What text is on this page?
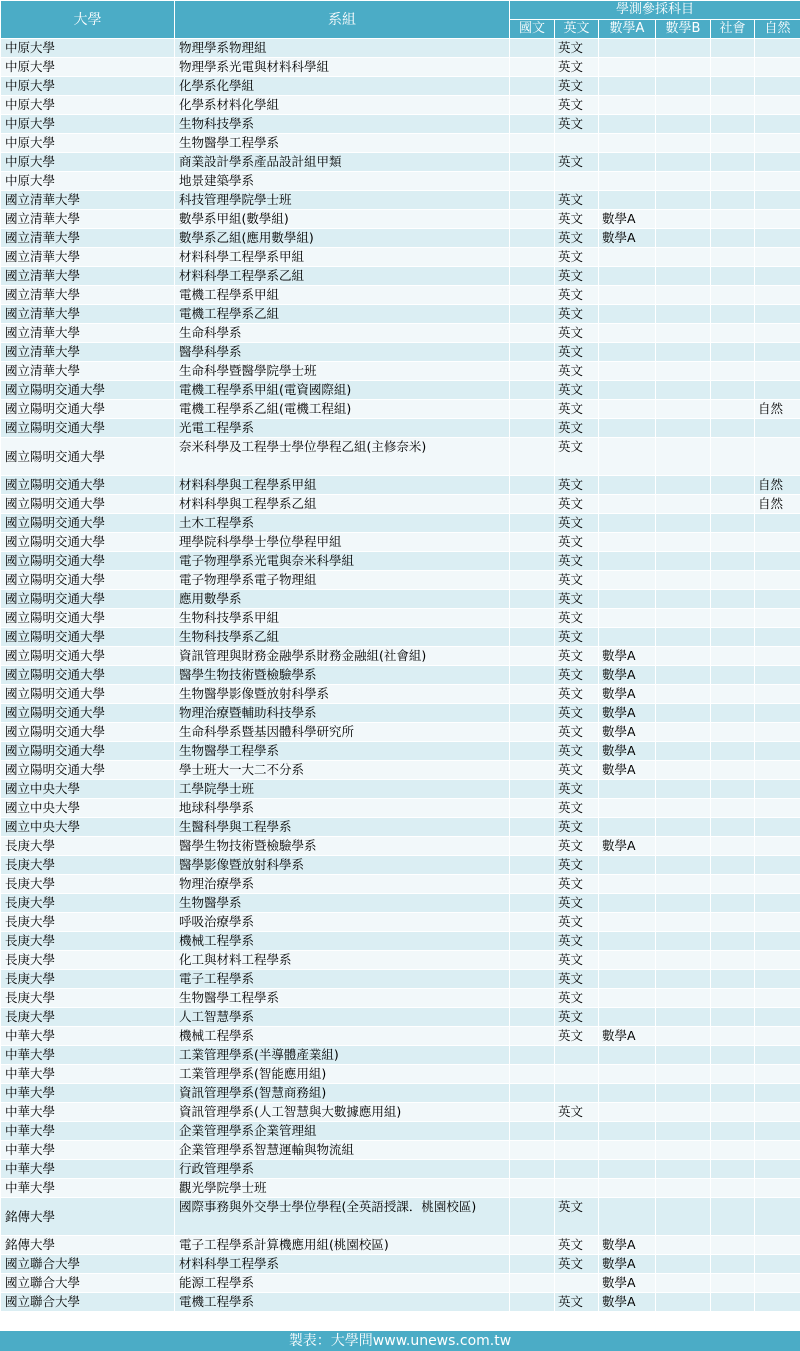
大學	系組	學測參採科目					
		國文	英文	數學A	數學B	社會	自然
中原大學	物理學系物理組		英文				
中原大學	物理學系光電與材料科學組		英文				
中原大學	化學系化學組		英文				
中原大學	化學系材料化學組		英文				
中原大學	生物科技學系		英文				
中原大學	生物醫學工程學系						
中原大學	商業設計學系產品設計組甲類		英文				
中原大學	地景建築學系						
國立清華大學	科技管理學院學士班		英文				
國立清華大學	數學系甲組(數學組)		英文	數學A			
國立清華大學	數學系乙組(應用數學組)		英文	數學A			
國立清華大學	材料科學工程學系甲組		英文				
國立清華大學	材料科學工程學系乙組		英文				
國立清華大學	電機工程學系甲組		英文				
國立清華大學	電機工程學系乙組		英文				
國立清華大學	生命科學系		英文				
國立清華大學	醫學科學系		英文				
國立清華大學	生命科學暨醫學院學士班		英文				
國立陽明交通大學	電機工程學系甲組(電資國際組)		英文				
國立陽明交通大學	電機工程學系乙組(電機工程組)		英文				自然
國立陽明交通大學	光電工程學系		英文				
國立陽明交通大學	奈米科學及工程學士學位學程乙組(主修奈米)		英文				
國立陽明交通大學	材料科學與工程學系甲組		英文				自然
國立陽明交通大學	材料科學與工程學系乙組		英文				自然
國立陽明交通大學	土木工程學系		英文				
國立陽明交通大學	理學院科學學士學位學程甲組		英文				
國立陽明交通大學	電子物理學系光電與奈米科學組		英文				
國立陽明交通大學	電子物理學系電子物理組		英文				
國立陽明交通大學	應用數學系		英文				
國立陽明交通大學	生物科技學系甲組		英文				
國立陽明交通大學	生物科技學系乙組		英文				
國立陽明交通大學	資訊管理與財務金融學系財務金融組(社會組)		英文	數學A			
國立陽明交通大學	醫學生物技術暨檢驗學系		英文	數學A			
國立陽明交通大學	生物醫學影像暨放射科學系		英文	數學A			
國立陽明交通大學	物理治療暨輔助科技學系		英文	數學A			
國立陽明交通大學	生命科學系暨基因體科學研究所		英文	數學A			
國立陽明交通大學	生物醫學工程學系		英文	數學A			
國立陽明交通大學	學士班大一大二不分系		英文	數學A			
國立中央大學	工學院學士班		英文				
國立中央大學	地球科學學系		英文				
國立中央大學	生醫科學與工程學系		英文				
長庚大學	醫學生物技術暨檢驗學系		英文	數學A			
長庚大學	醫學影像暨放射科學系		英文				
長庚大學	物理治療學系		英文				
長庚大學	生物醫學系		英文				
長庚大學	呼吸治療學系		英文				
長庚大學	機械工程學系		英文				
長庚大學	化工與材料工程學系		英文				
長庚大學	電子工程學系		英文				
長庚大學	生物醫學工程學系		英文				
長庚大學	人工智慧學系		英文				
中華大學	機械工程學系		英文	數學A			
中華大學	工業管理學系(半導體產業組)						
中華大學	工業管理學系(智能應用組)						
中華大學	資訊管理學系(智慧商務組)						
中華大學	資訊管理學系(人工智慧與大數據應用組)		英文				
中華大學	企業管理學系企業管理組						
中華大學	企業管理學系智慧運輸與物流組						
中華大學	行政管理學系						
中華大學	觀光學院學士班						
銘傳大學	國際事務與外交學士學位學程(全英語授課．桃園校區)		英文				
銘傳大學	電子工程學系計算機應用組(桃園校區)		英文	數學A			
國立聯合大學	材料科學工程學系		英文	數學A			
國立聯合大學	能源工程學系			數學A			
國立聯合大學	電機工程學系		英文	數學A			
製表：大學問www.unews.com.tw
